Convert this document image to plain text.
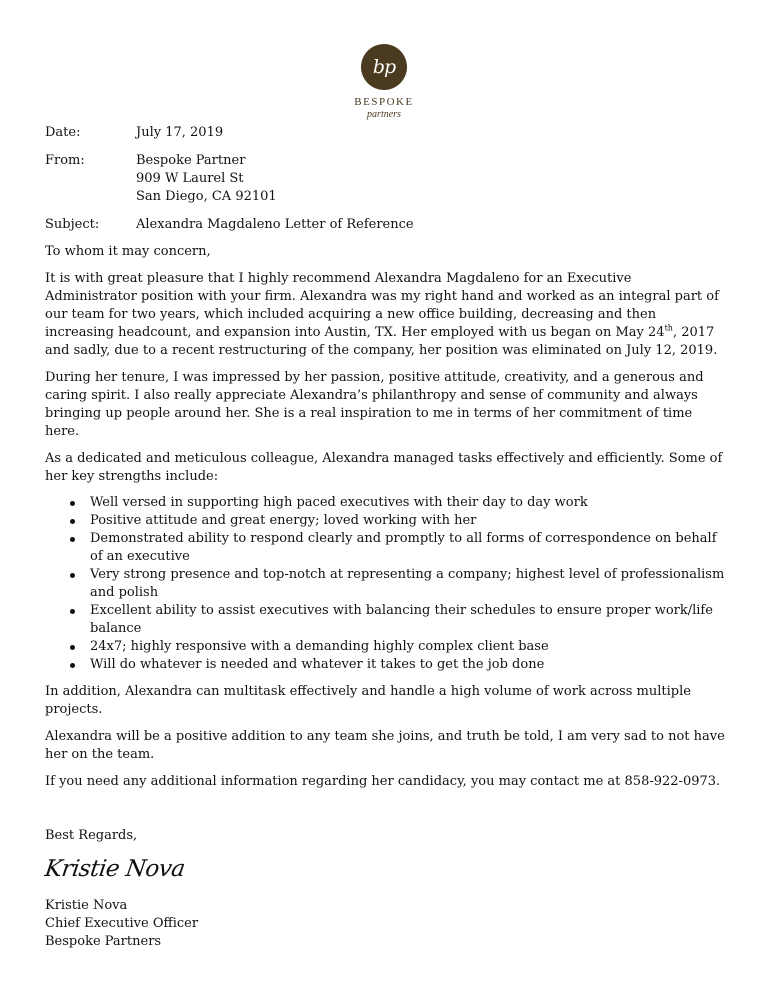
bp
BESPOKE
partners
Date:	July 17, 2019
From:	Bespoke Partner
909 W Laurel St
San Diego, CA 92101
Subject:	Alexandra Magdaleno Letter of Reference

To whom it may concern,

It is with great pleasure that I highly recommend Alexandra Magdaleno for an Executive Administrator position with your firm. Alexandra was my right hand and worked as an integral part of our team for two years, which included acquiring a new office building, decreasing and then increasing headcount, and expansion into Austin, TX. Her employed with us began on May 24th, 2017 and sadly, due to a recent restructuring of the company, her position was eliminated on July 12, 2019.

During her tenure, I was impressed by her passion, positive attitude, creativity, and a generous and caring spirit. I also really appreciate Alexandra’s philanthropy and sense of community and always bringing up people around her. She is a real inspiration to me in terms of her commitment of time here.

As a dedicated and meticulous colleague, Alexandra managed tasks effectively and efficiently. Some of her key strengths include:

Well versed in supporting high paced executives with their day to day work
Positive attitude and great energy; loved working with her
Demonstrated ability to respond clearly and promptly to all forms of correspondence on behalf of an executive
Very strong presence and top-notch at representing a company; highest level of professionalism and polish
Excellent ability to assist executives with balancing their schedules to ensure proper work/life balance
24x7; highly responsive with a demanding highly complex client base
Will do whatever is needed and whatever it takes to get the job done

In addition, Alexandra can multitask effectively and handle a high volume of work across multiple projects.

Alexandra will be a positive addition to any team she joins, and truth be told, I am very sad to not have her on the team.

If you need any additional information regarding her candidacy, you may contact me at 858-922-0973.

Best Regards,

Kristie Nova
Kristie Nova
Chief Executive Officer
Bespoke Partners
